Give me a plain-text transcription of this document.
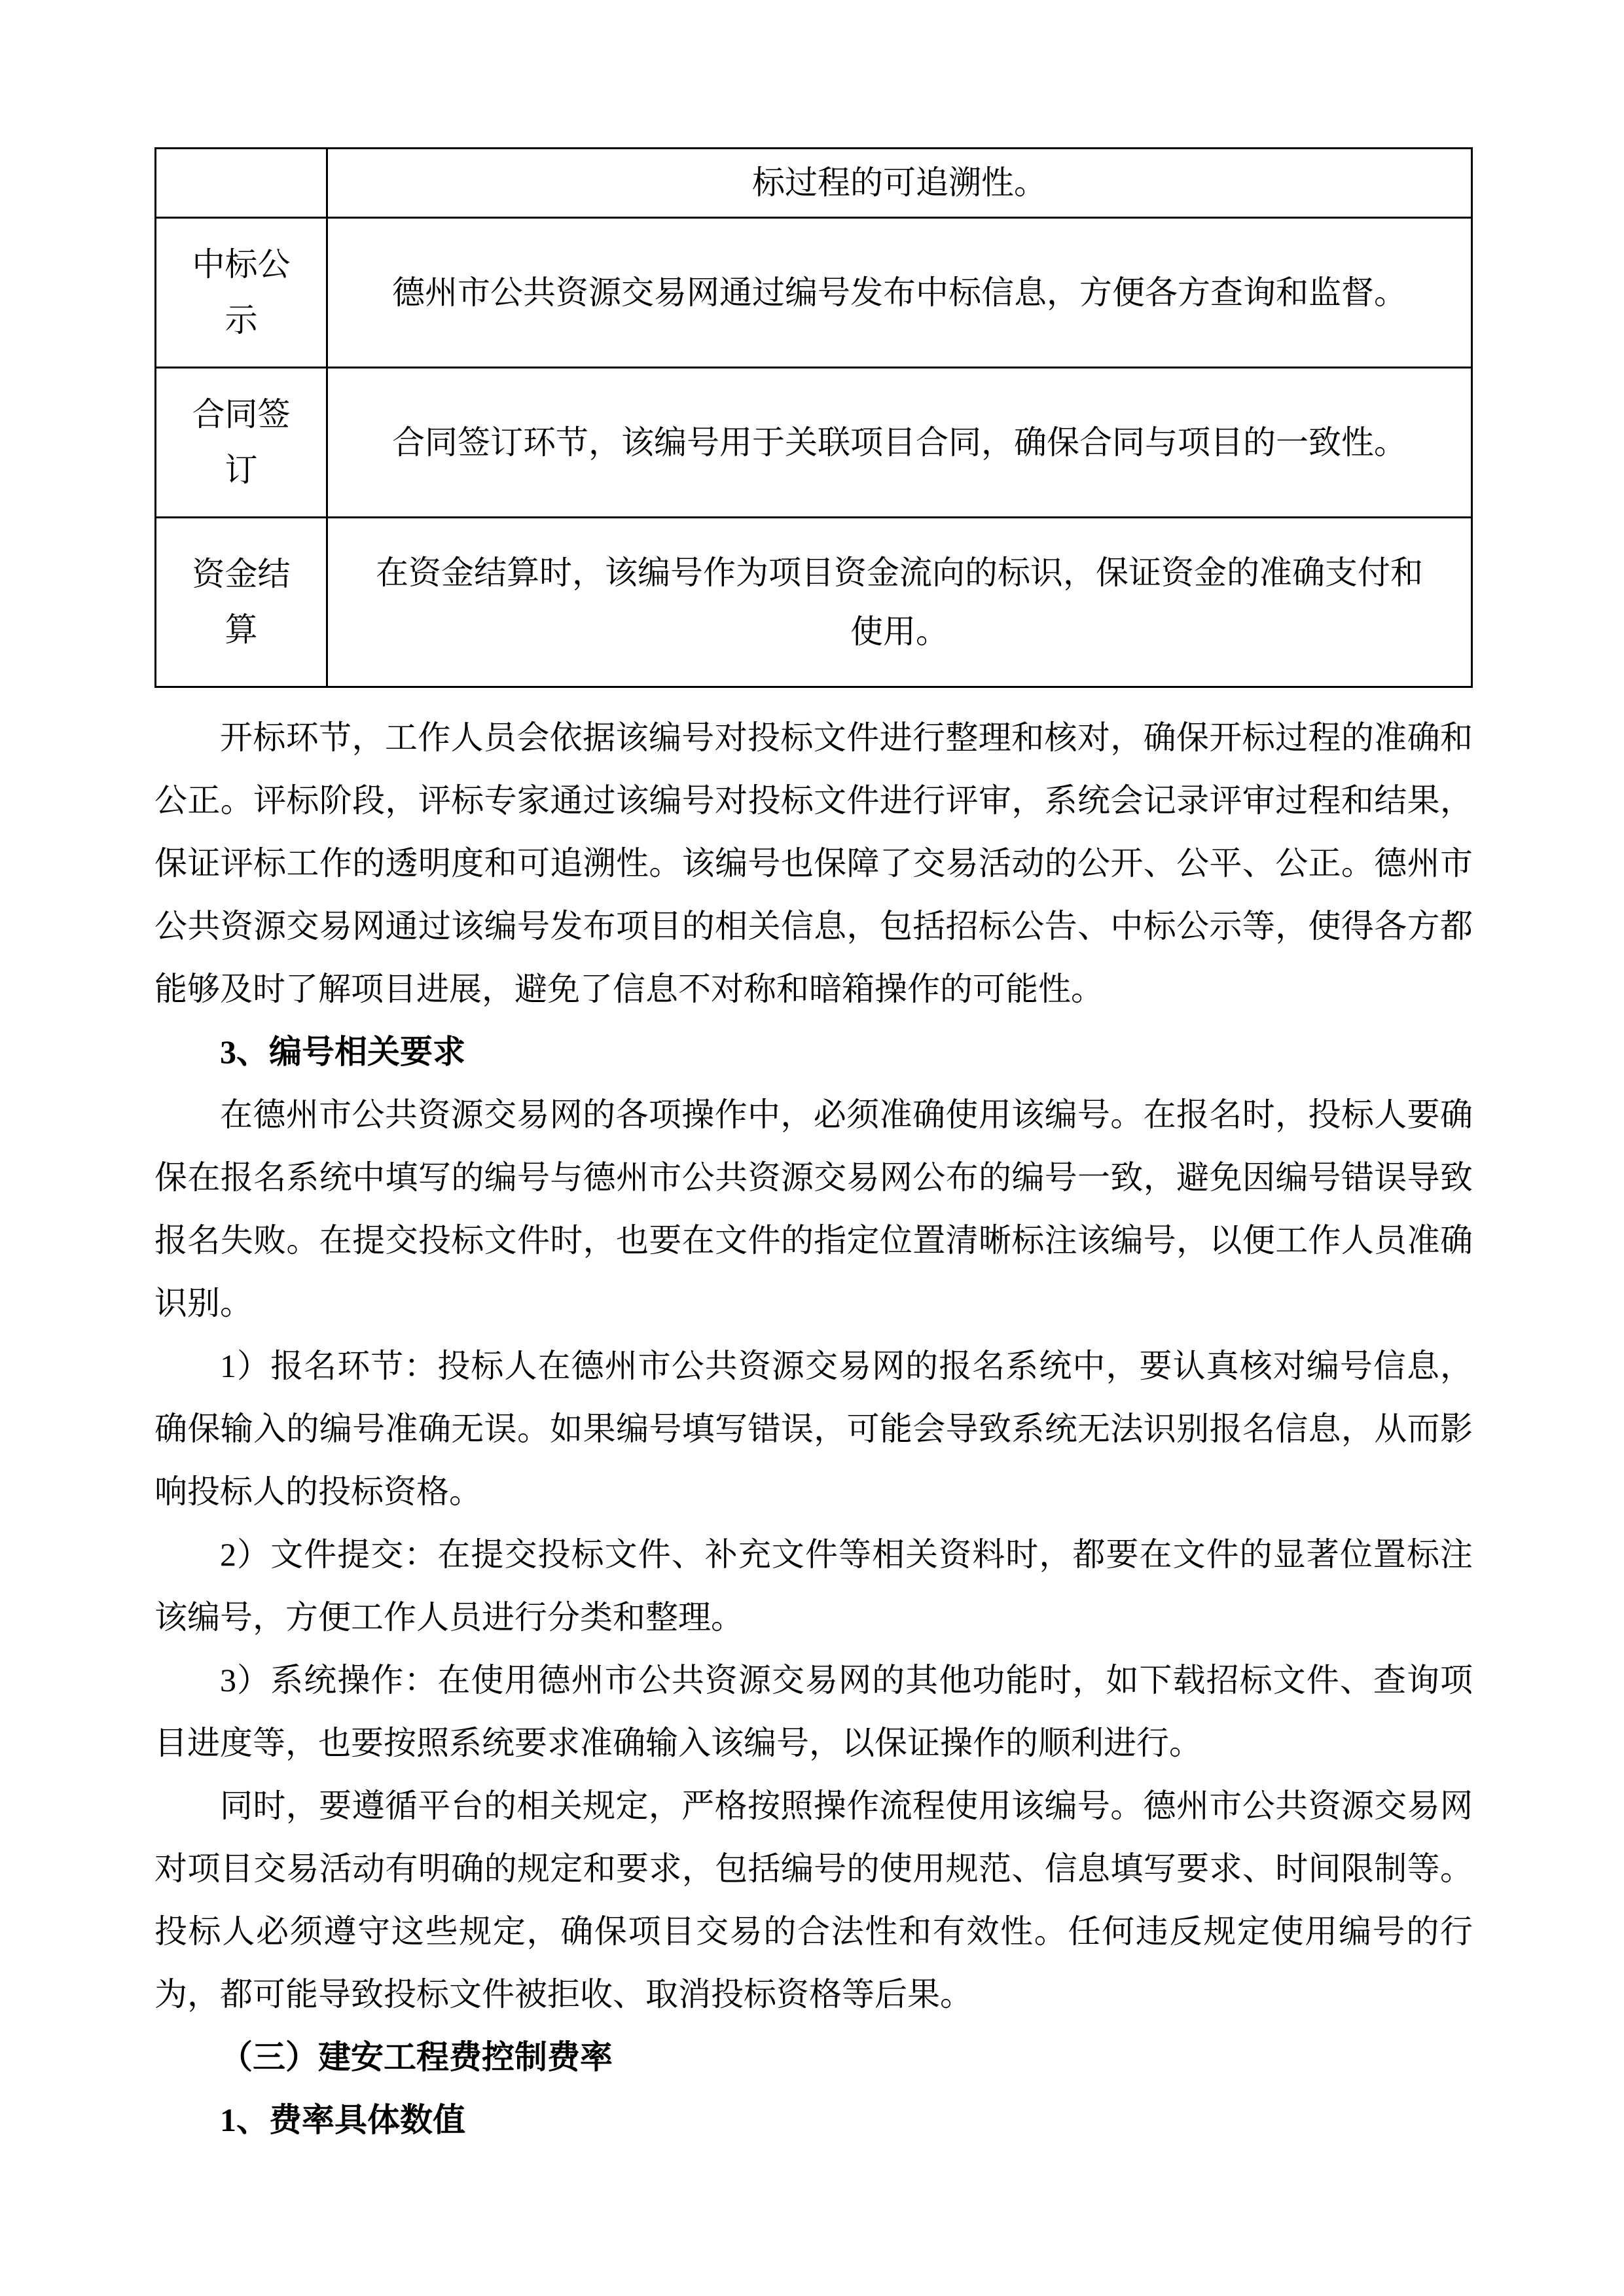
	标过程的可追溯性。
中标公示	德州市公共资源交易网通过编号发布中标信息，方便各方查询和监督。
合同签订	合同签订环节，该编号用于关联项目合同，确保合同与项目的一致性。
资金结算	在资金结算时，该编号作为项目资金流向的标识，保证资金的准确支付和使用。

开标环节，工作人员会依据该编号对投标文件进行整理和核对，确保开标过程的准确和公正。评标阶段，评标专家通过该编号对投标文件进行评审，系统会记录评审过程和结果，保证评标工作的透明度和可追溯性。该编号也保障了交易活动的公开、公平、公正。德州市公共资源交易网通过该编号发布项目的相关信息，包括招标公告、中标公示等，使得各方都能够及时了解项目进展，避免了信息不对称和暗箱操作的可能性。

3、编号相关要求

在德州市公共资源交易网的各项操作中，必须准确使用该编号。在报名时，投标人要确保在报名系统中填写的编号与德州市公共资源交易网公布的编号一致，避免因编号错误导致报名失败。在提交投标文件时，也要在文件的指定位置清晰标注该编号，以便工作人员准确识别。

1）报名环节：投标人在德州市公共资源交易网的报名系统中，要认真核对编号信息，确保输入的编号准确无误。如果编号填写错误，可能会导致系统无法识别报名信息，从而影响投标人的投标资格。

2）文件提交：在提交投标文件、补充文件等相关资料时，都要在文件的显著位置标注该编号，方便工作人员进行分类和整理。

3）系统操作：在使用德州市公共资源交易网的其他功能时，如下载招标文件、查询项目进度等，也要按照系统要求准确输入该编号，以保证操作的顺利进行。

同时，要遵循平台的相关规定，严格按照操作流程使用该编号。德州市公共资源交易网对项目交易活动有明确的规定和要求，包括编号的使用规范、信息填写要求、时间限制等。投标人必须遵守这些规定，确保项目交易的合法性和有效性。任何违反规定使用编号的行为，都可能导致投标文件被拒收、取消投标资格等后果。

（三）建安工程费控制费率

1、费率具体数值
